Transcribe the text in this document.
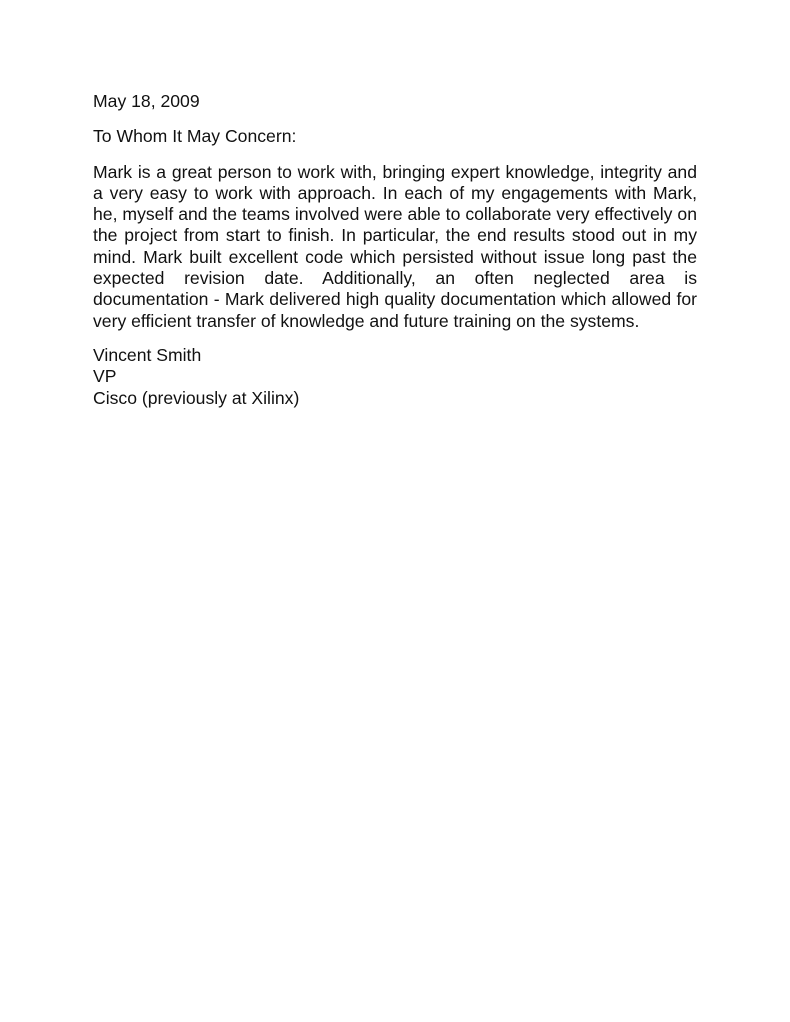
May 18, 2009
To Whom It May Concern:
Mark is a great person to work with, bringing expert knowledge, integrity and a very easy to work with approach. In each of my engagements with Mark, he, myself and the teams involved were able to collaborate very effectively on the project from start to finish. In particular, the end results stood out in my mind. Mark built excellent code which persisted without issue long past the expected revision date. Additionally, an often neglected area is documentation - Mark delivered high quality documentation which allowed for very efficient transfer of knowledge and future training on the systems.
Vincent Smith
VP
Cisco (previously at Xilinx)
